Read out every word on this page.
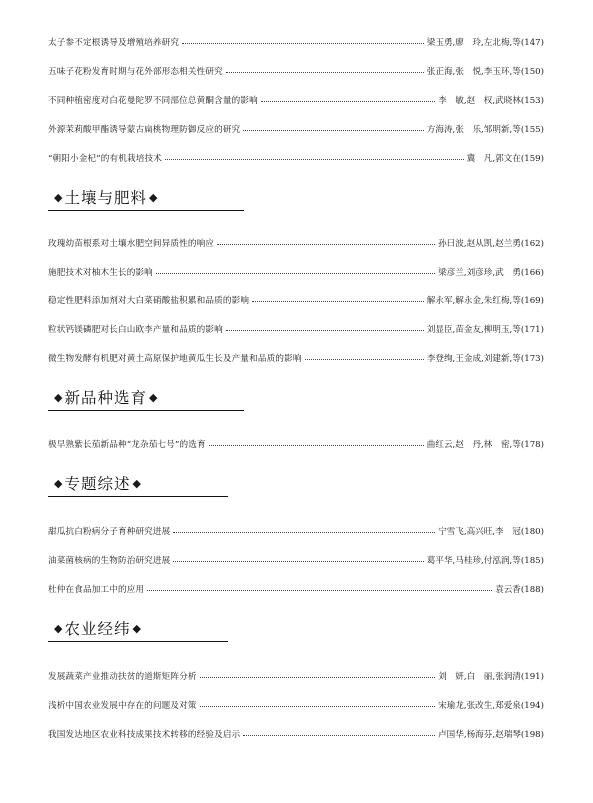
太子参不定根诱导及增殖培养研究	梁玉勇,廖　玲,左北梅,等(147)
五味子花粉发育时期与花外部形态相关性研究	张正海,张　悦,李玉环,等(150)
不同种植密度对白花曼陀罗不同部位总黄酮含量的影响	李　敏,赵　权,武晓林(153)
外源茉莉酸甲酯诱导蒙古扁桃物理防御反应的研究	方海涛,张　乐,邹明新,等(155)
“朝阳小金杞”的有机栽培技术	冀　凡,郭文在(159)
◆ 土壤与肥料 ◆
玫瑰幼苗根系对土壤水肥空间异质性的响应	孙曰波,赵从凯,赵兰勇(162)
施肥技术对柚木生长的影响	梁彦兰,刘彦珍,武　勇(166)
稳定性肥料添加剂对大白菜硝酸盐积累和品质的影响	解永军,解永金,朱红梅,等(169)
粒状钙镁磷肥对长白山欧李产量和品质的影响	刘显臣,苗金友,柳明玉,等(171)
微生物发酵有机肥对黄土高原保护地黄瓜生长及产量和品质的影响	李登绚,王金成,刘建新,等(173)
◆ 新品种选育 ◆
极早熟紫长茄新品种“龙杂茄七号”的选育	曲红云,赵　丹,林　密,等(178)
◆ 专题综述 ◆
甜瓜抗白粉病分子育种研究进展	宁雪飞,高兴旺,李　冠(180)
油菜菌核病的生物防治研究进展	葛平华,马桂珍,付泓润,等(185)
杜仲在食品加工中的应用	袁云香(188)
◆ 农业经纬 ◆
发展蔬菜产业推动扶贫的道斯矩阵分析	刘　妍,白　丽,张润清(191)
浅析中国农业发展中存在的问题及对策	宋瑜龙,张改生,郑爱泉(194)
我国发达地区农业科技成果技术转移的经验及启示	卢国华,杨海芬,赵瑞琴(198)
